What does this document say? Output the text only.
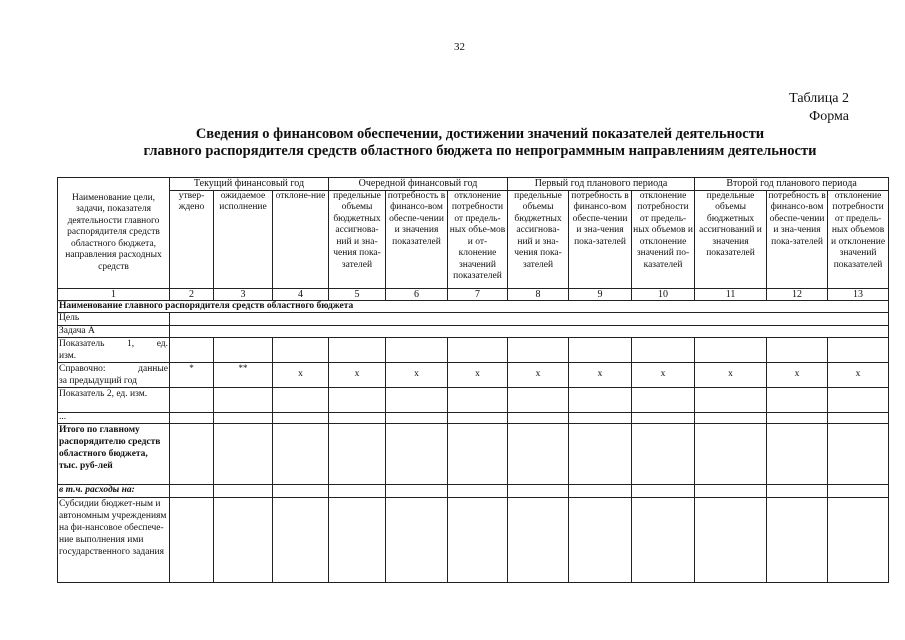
32
Таблица 2
Форма
Сведения о финансовом обеспечении, достижении значений показателей деятельности
главного распорядителя средств областного бюджета по непрограммным направлениям деятельности
Наименование цели, задачи, показателя деятельности главного распорядителя средств областного бюджета, направления расходных средств	Текущий финансовый год			Очередной финансовый год			Первый год планового периода			Второй год планового периода		
	утвер-ждено	ожидаемое исполнение	отклоне-ние	предельные объемы бюджетных ассигнова-ний и зна-чения пока-зателей	потребность в финансо-вом обеспе-чении и значения показателей	отклонение потребности от предель-ных объе-мов и от-клонение значений показателей	предельные объемы бюджетных ассигнова-ний и зна-чения пока-зателей	потребность в финансо-вом обеспе-чении и зна-чения пока-зателей	отклонение потребности от предель-ных объемов и отклонение значений по-казателей	предельные объемы бюджетных ассигнований и значения показателей	потребность в финансо-вом обеспе-чении и зна-чения пока-зателей	отклонение потребности от предель-ных объемов и отклонение значений показателей
1	2	3	4	5	6	7	8	9	10	11	12	13
Наименование главного распорядителя средств областного бюджета												
Цель												
Задача А												

Показатель 1, ед.
изм.												

Справочно: данные
за предыдущий год	*	**	x	x	x	x	x	x	x	x	x	x
Показатель 2, ед. изм.												
...												
Итого по главному распорядителю средств областного бюджета, тыс. руб-лей												
в т.ч. расходы на:												
Субсидии бюджет-ным и автономным учреждениям на фи-нансовое обеспече-ние выполнения ими государственного задания												
